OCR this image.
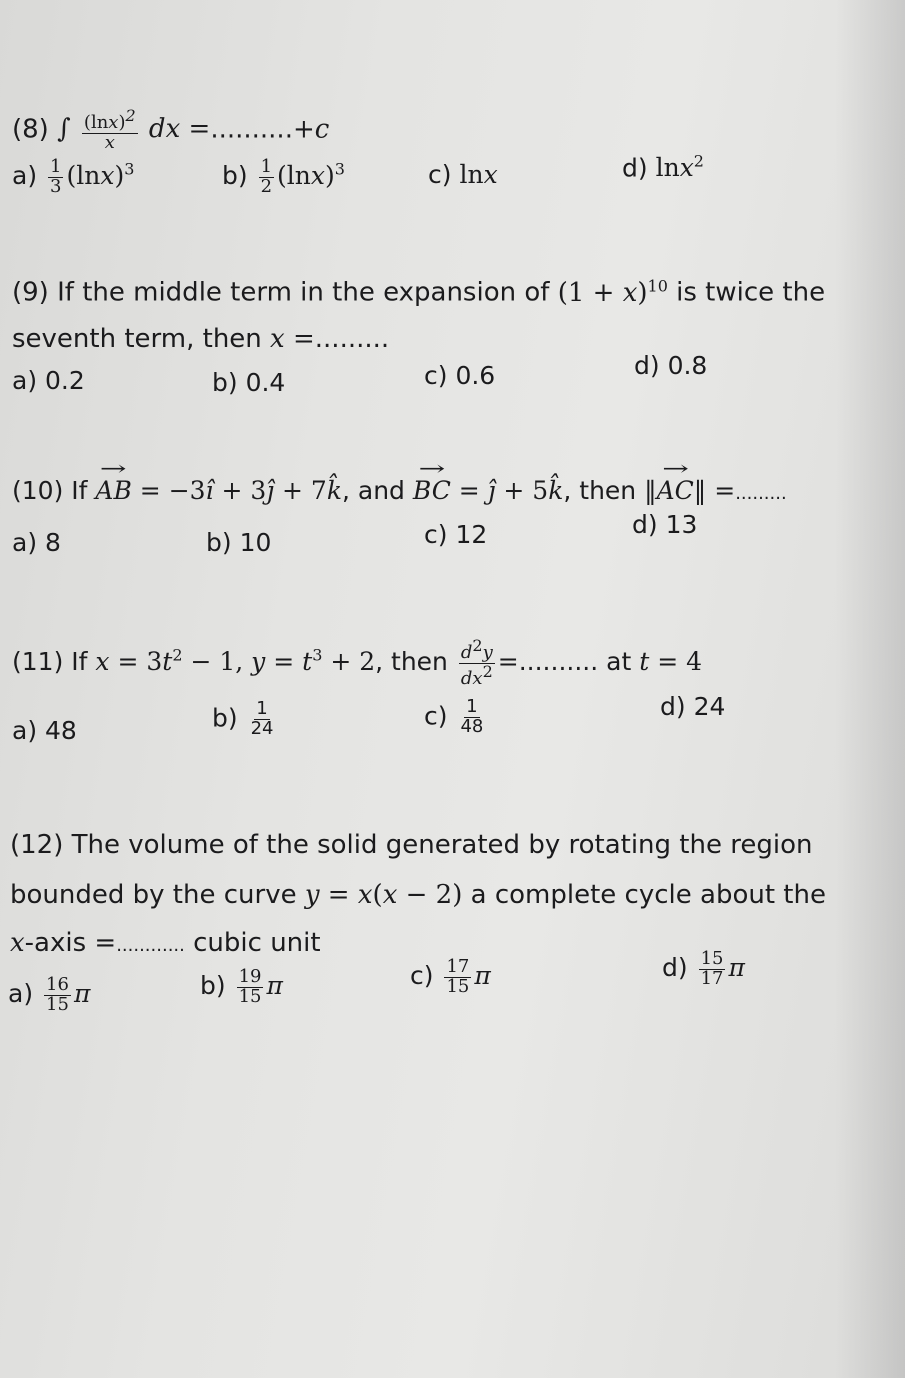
(8) ∫ $\frac{(\ln x)^2}{x}$ dx =..........+c
$a) \frac{1}{3} (\ln x)^3$	$b) \frac{1}{2} (\ln x)^3$	c) lnx	d) lnx$^2$
(9) If the middle term in the expansion of $(1 + x)^{10}$ is twice the
seventh term, then x =.........
a) 0.2	b) 0.4	c) 0.6	d) 0.8
(10) If → AB = −3î + 3ĵ + 7k̂, and → BC = ĵ + 5k̂, then ‖→ AC‖ =.........
a) 8	b) 10	c) 12	d) 13
(11) If $x = 3t^2 - 1$, $y = t^3 + 2$, then $\frac{d^2y}{dx^2}$ =.......... at t = 4
a) 48	$b) \frac{1}{24}$	$c) \frac{1}{48}$	d) 24
(12) The volume of the solid generated by rotating the region
bounded by the curve y = x(x − 2) a complete cycle about the
x-axis =............ cubic unit
$a) \frac{16}{15}$ π	$b) \frac{19}{15}$ π	$c) \frac{17}{15}$ π	$d) \frac{15}{17}$ π
